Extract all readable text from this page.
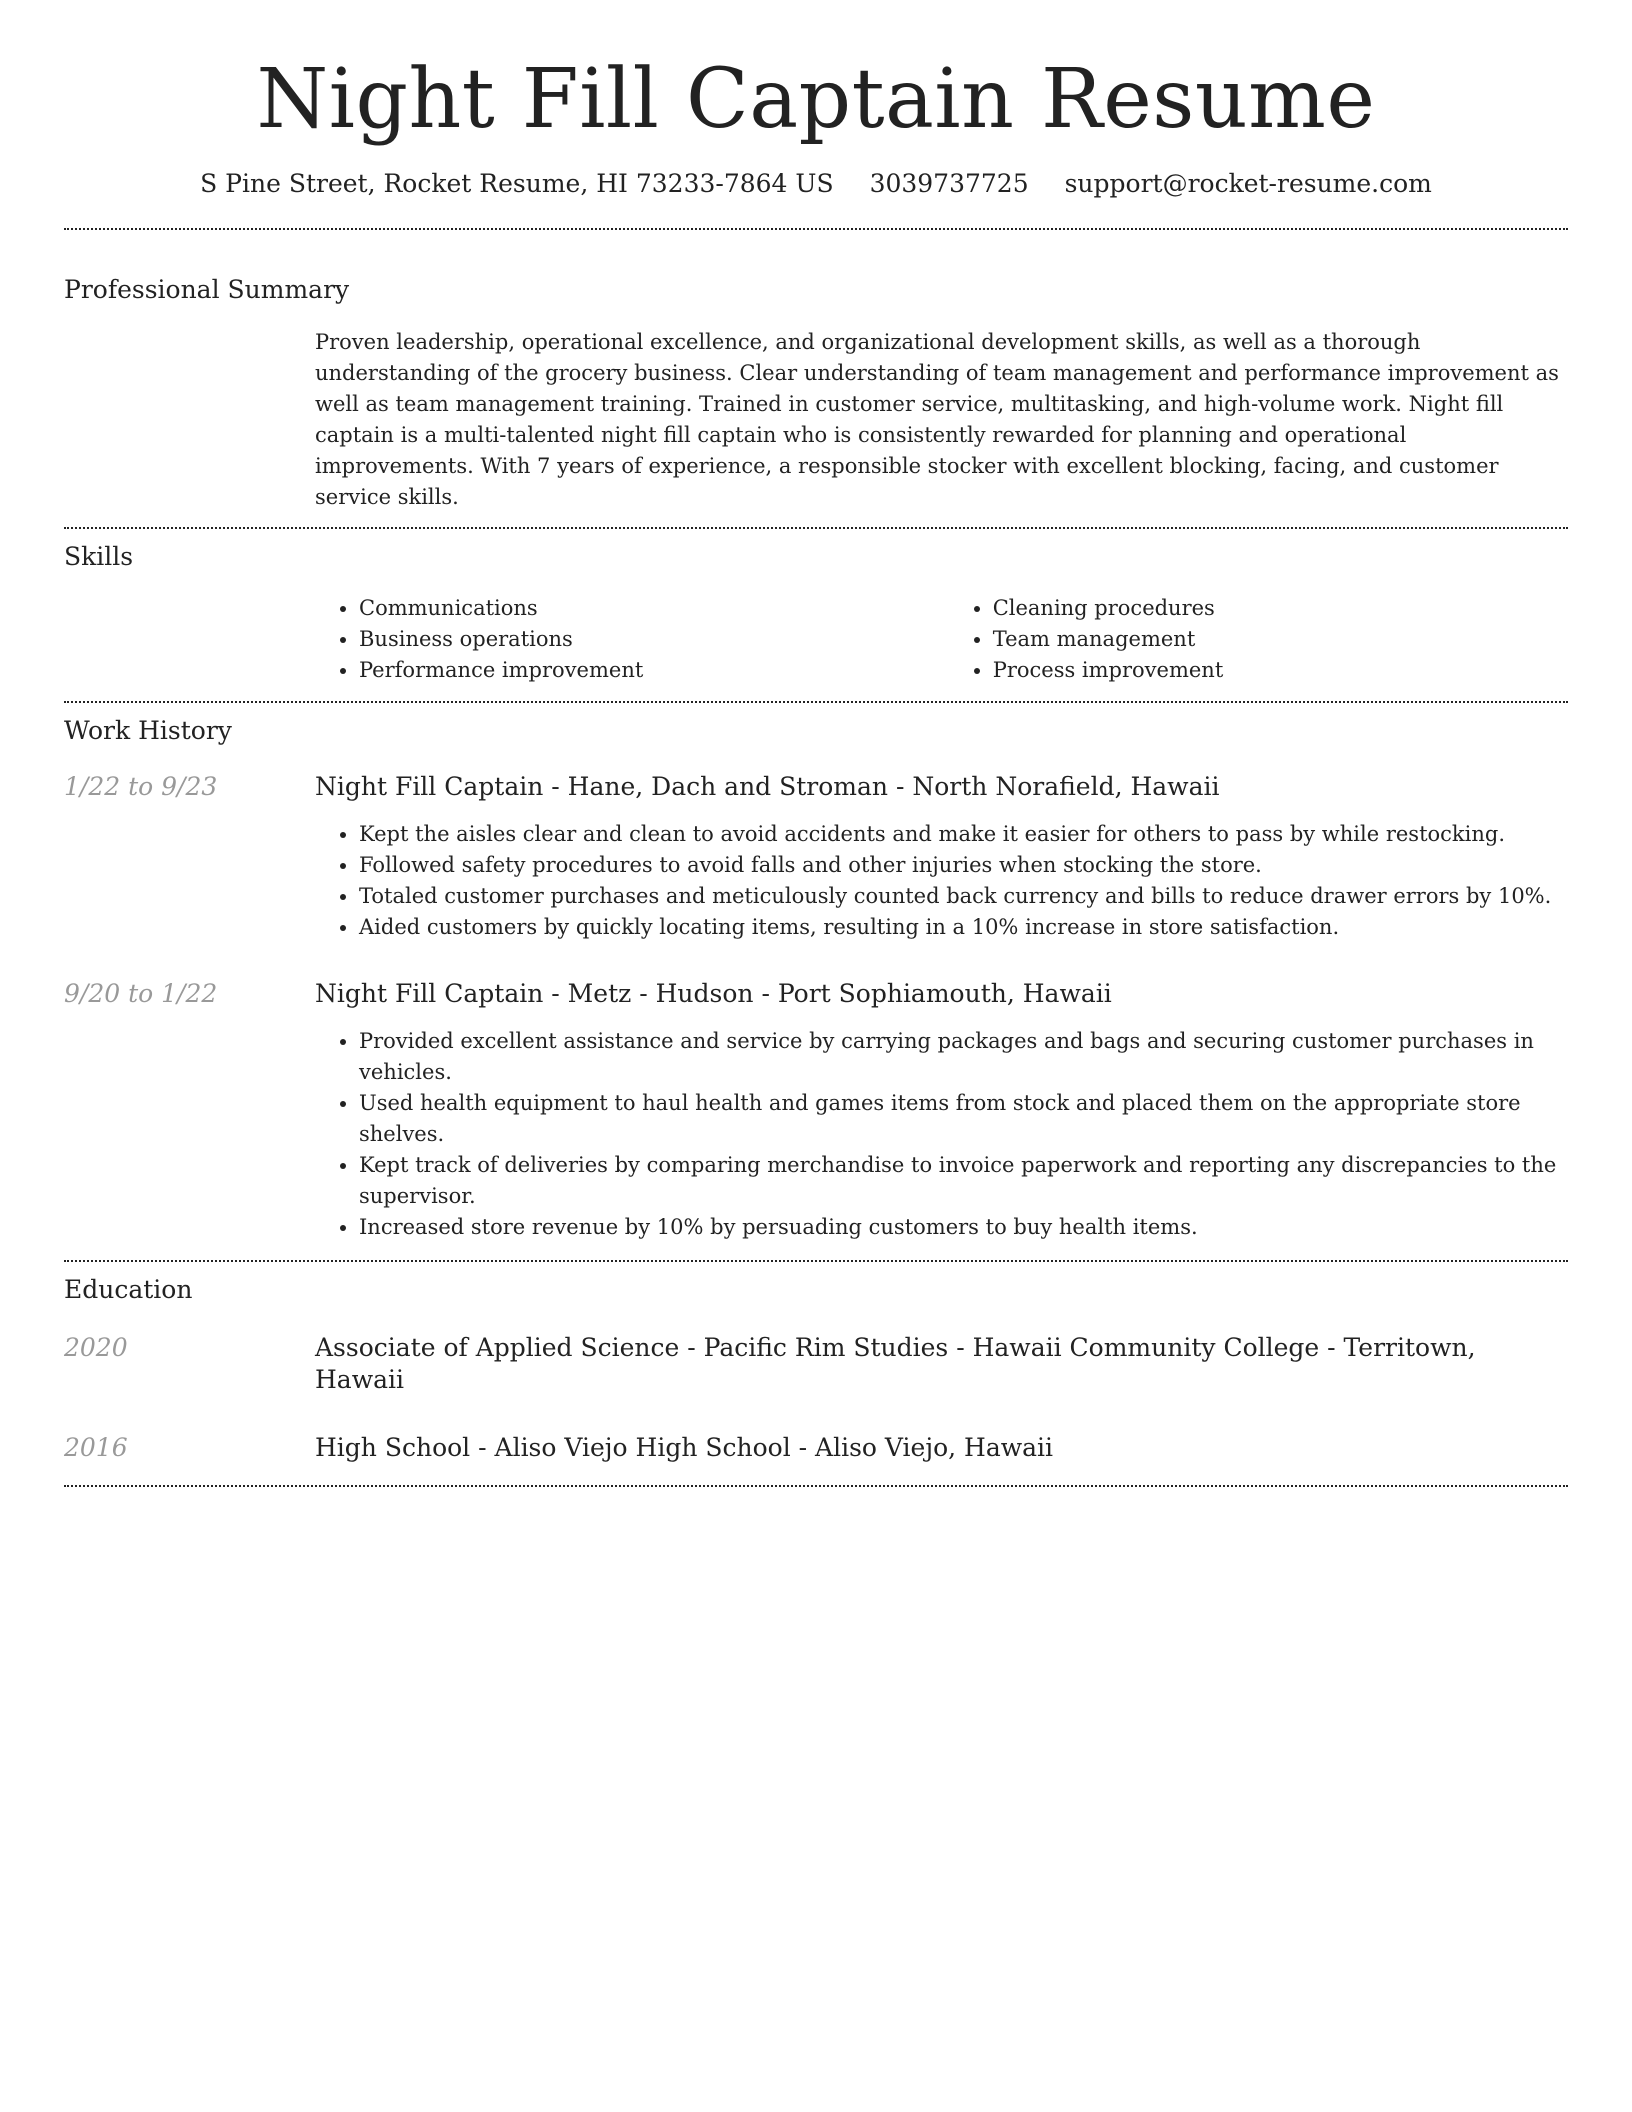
Night Fill Captain Resume
S Pine Street, Rocket Resume, HI 73233-7864 US 3039737725 support@rocket-resume.com
Professional Summary

Proven leadership, operational excellence, and organizational development skills, as well as a thorough understanding of the grocery business. Clear understanding of team management and performance improvement as well as team management training. Trained in customer service, multitasking, and high-volume work. Night fill captain is a multi-talented night fill captain who is consistently rewarded for planning and operational improvements. With 7 years of experience, a responsible stocker with excellent blocking, facing, and customer service skills.

Skills
• Communications
• Business operations
• Performance improvement
• Cleaning procedures
• Team management
• Process improvement
Work History
1/22 to 9/23	Night Fill Captain - Hane, Dach and Stroman - North Norafield, Hawaii
• Kept the aisles clear and clean to avoid accidents and make it easier for others to pass by while restocking.
• Followed safety procedures to avoid falls and other injuries when stocking the store.
• Totaled customer purchases and meticulously counted back currency and bills to reduce drawer errors by 10%.
• Aided customers by quickly locating items, resulting in a 10% increase in store satisfaction.
9/20 to 1/22	Night Fill Captain - Metz - Hudson - Port Sophiamouth, Hawaii
• Provided excellent assistance and service by carrying packages and bags and securing customer purchases in vehicles.
• Used health equipment to haul health and games items from stock and placed them on the appropriate store shelves.
• Kept track of deliveries by comparing merchandise to invoice paperwork and reporting any discrepancies to the supervisor.
• Increased store revenue by 10% by persuading customers to buy health items.
Education
2020	Associate of Applied Science - Pacific Rim Studies - Hawaii Community College - Territown, Hawaii
2016	High School - Aliso Viejo High School - Aliso Viejo, Hawaii
